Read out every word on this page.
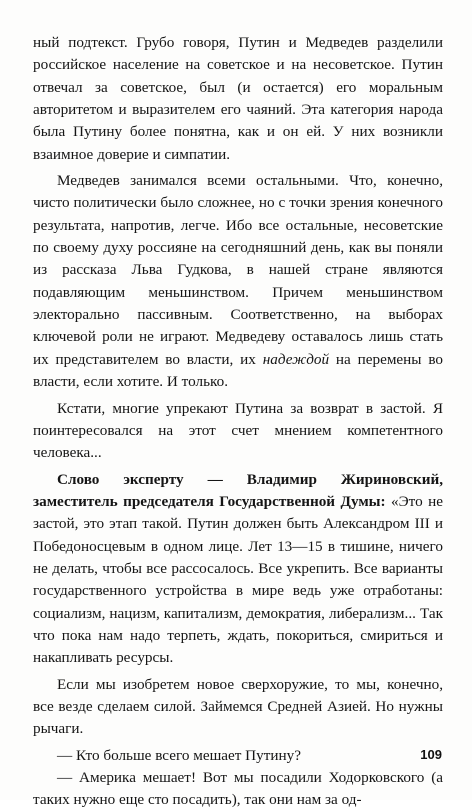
ный подтекст. Грубо говоря, Путин и Медведев разделили российское население на советское и на несоветское. Путин отвечал за советское, был (и остается) его моральным авторитетом и выразителем его чаяний. Эта категория народа была Путину более понятна, как и он ей. У них возникли взаимное доверие и симпатии.

Медведев занимался всеми остальными. Что, конечно, чисто политически было сложнее, но с точки зрения конечного результата, напротив, легче. Ибо все остальные, несоветские по своему духу россияне на сегодняшний день, как вы поняли из рассказа Льва Гудкова, в нашей стране являются подавляющим меньшинством. Причем меньшинством электорально пассивным. Соответственно, на выборах ключевой роли не играют. Медведеву оставалось лишь стать их представителем во власти, их надеждой на перемены во власти, если хотите. И только.

Кстати, многие упрекают Путина за возврат в застой. Я поинтересовался на этот счет мнением компетентного человека...

Слово эксперту — Владимир Жириновский, заместитель председателя Государственной Думы: «Это не застой, это этап такой. Путин должен быть Александром III и Победоносцевым в одном лице. Лет 13—15 в тишине, ничего не делать, чтобы все рассосалось. Все укрепить. Все варианты государственного устройства в мире ведь уже отработаны: социализм, нацизм, капитализм, демократия, либерализм... Так что пока нам надо терпеть, ждать, покориться, смириться и накапливать ресурсы.

Если мы изобретем новое сверхоружие, то мы, конечно, все везде сделаем силой. Займемся Средней Азией. Но нужны рычаги.

— Кто больше всего мешает Путину?

— Америка мешает! Вот мы посадили Ходорковского (а таких нужно еще сто посадить), так они нам за од-

109
